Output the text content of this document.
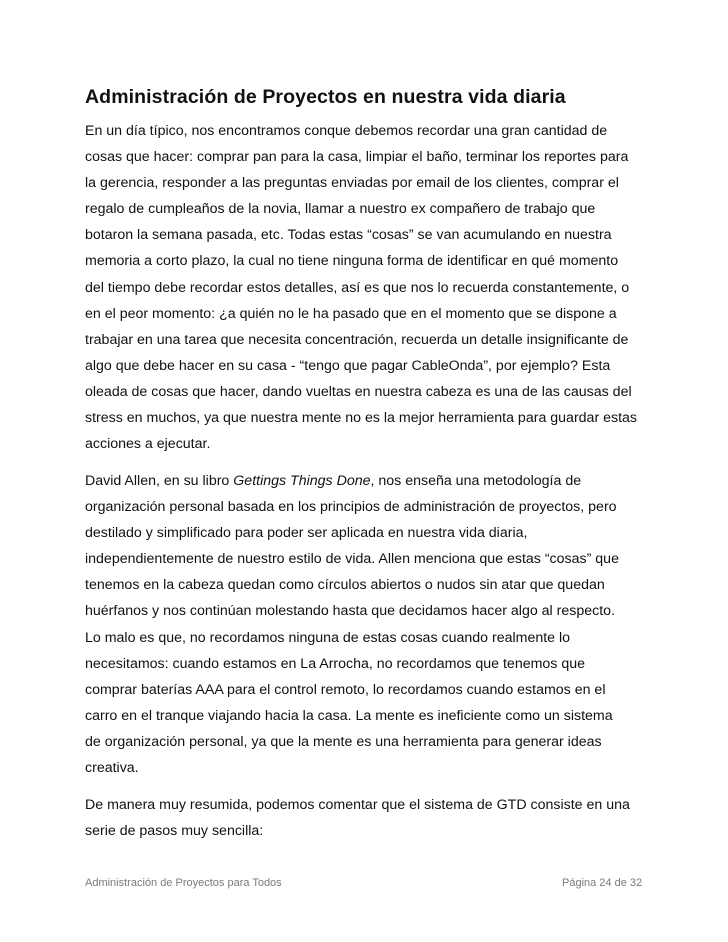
Administración de Proyectos en nuestra vida diaria
En un día típico, nos encontramos conque debemos recordar una gran cantidad de
cosas que hacer: comprar pan para la casa, limpiar el baño, terminar los reportes para
la gerencia, responder a las preguntas enviadas por email de los clientes, comprar el
regalo de cumpleaños de la novia, llamar a nuestro ex compañero de trabajo que
botaron la semana pasada, etc. Todas estas “cosas” se van acumulando en nuestra
memoria a corto plazo, la cual no tiene ninguna forma de identificar en qué momento
del tiempo debe recordar estos detalles, así es que nos lo recuerda constantemente, o
en el peor momento: ¿a quién no le ha pasado que en el momento que se dispone a
trabajar en una tarea que necesita concentración, recuerda un detalle insignificante de
algo que debe hacer en su casa - “tengo que pagar CableOnda”, por ejemplo? Esta
oleada de cosas que hacer, dando vueltas en nuestra cabeza es una de las causas del
stress en muchos, ya que nuestra mente no es la mejor herramienta para guardar estas
acciones a ejecutar.
David Allen, en su libro Gettings Things Done, nos enseña una metodología de
organización personal basada en los principios de administración de proyectos, pero
destilado y simplificado para poder ser aplicada en nuestra vida diaria,
independientemente de nuestro estilo de vida. Allen menciona que estas “cosas” que
tenemos en la cabeza quedan como círculos abiertos o nudos sin atar que quedan
huérfanos y nos continúan molestando hasta que decidamos hacer algo al respecto.
Lo malo es que, no recordamos ninguna de estas cosas cuando realmente lo
necesitamos: cuando estamos en La Arrocha, no recordamos que tenemos que
comprar baterías AAA para el control remoto, lo recordamos cuando estamos en el
carro en el tranque viajando hacia la casa. La mente es ineficiente como un sistema
de organización personal, ya que la mente es una herramienta para generar ideas
creativa.
De manera muy resumida, podemos comentar que el sistema de GTD consiste en una
serie de pasos muy sencilla:
Administración de Proyectos para Todos	Página 24 de 32
